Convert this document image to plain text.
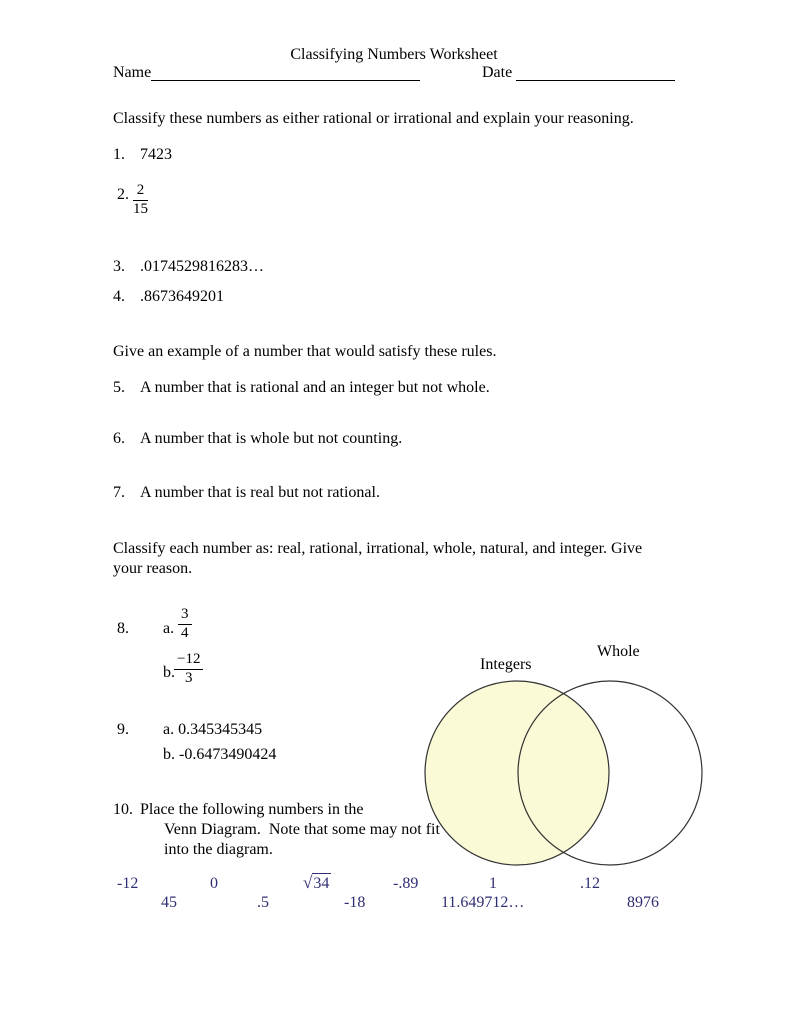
Classifying Numbers Worksheet
Name	Date
Classify these numbers as either rational or irrational and explain your reasoning.
1. 7423
2. $\frac{2}{15}$
3. .0174529816283…
4. .8673649201
Give an example of a number that would satisfy these rules.
5. A number that is rational and an integer but not whole.
6. A number that is whole but not counting.
7. A number that is real but not rational.
Classify each number as: real, rational, irrational, whole, natural, and integer. Give
your reason.
8. a. $\frac{3}{4}$
b. $\frac{-12}{3}$
9. a. 0.345345345
b. -0.6473490424
10. Place the following numbers in the
Venn Diagram.  Note that some may not fit
into the diagram.
Integers
Whole
-12	0	√34	-.89	1	.12
45	.5	-18	11.649712…	8976
